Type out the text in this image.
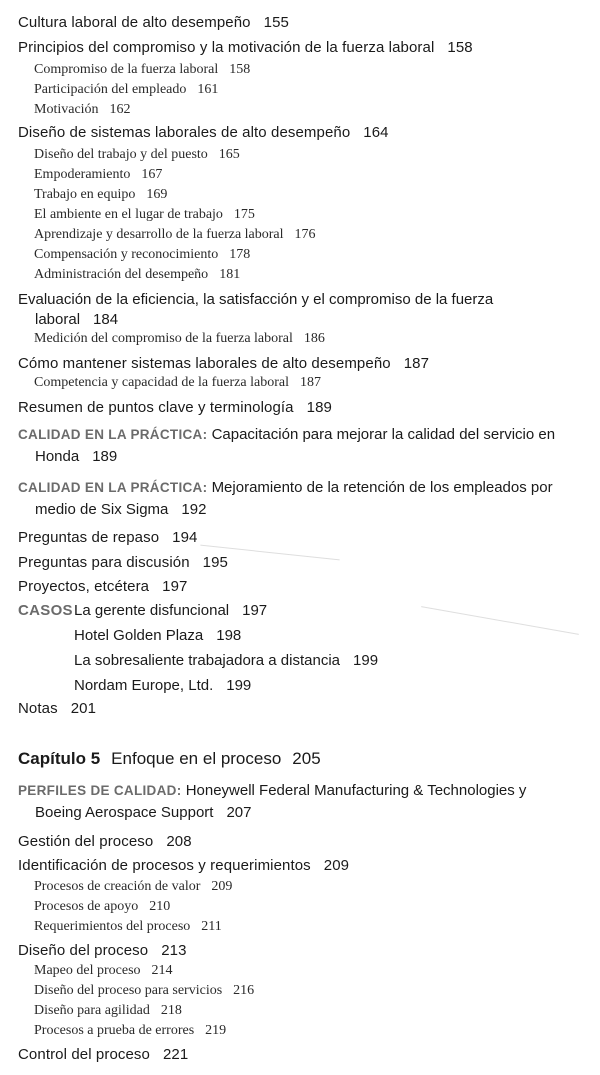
Cultura laboral de alto desempeño 155
Principios del compromiso y la motivación de la fuerza laboral 158
Compromiso de la fuerza laboral 158
Participación del empleado 161
Motivación 162
Diseño de sistemas laborales de alto desempeño 164
Diseño del trabajo y del puesto 165
Empoderamiento 167
Trabajo en equipo 169
El ambiente en el lugar de trabajo 175
Aprendizaje y desarrollo de la fuerza laboral 176
Compensación y reconocimiento 178
Administración del desempeño 181
Evaluación de la eficiencia, la satisfacción y el compromiso de la fuerza
laboral 184
Medición del compromiso de la fuerza laboral 186
Cómo mantener sistemas laborales de alto desempeño 187
Competencia y capacidad de la fuerza laboral 187
Resumen de puntos clave y terminología 189
CALIDAD EN LA PRÁCTICA: Capacitación para mejorar la calidad del servicio en
Honda 189
CALIDAD EN LA PRÁCTICA: Mejoramiento de la retención de los empleados por
medio de Six Sigma 192
Preguntas de repaso 194
Preguntas para discusión 195
Proyectos, etcétera 197
CASOS La gerente disfuncional 197
Hotel Golden Plaza 198
La sobresaliente trabajadora a distancia 199
Nordam Europe, Ltd. 199
Notas 201
Capítulo 5 Enfoque en el proceso 205
PERFILES DE CALIDAD: Honeywell Federal Manufacturing & Technologies y
Boeing Aerospace Support 207
Gestión del proceso 208
Identificación de procesos y requerimientos 209
Procesos de creación de valor 209
Procesos de apoyo 210
Requerimientos del proceso 211
Diseño del proceso 213
Mapeo del proceso 214
Diseño del proceso para servicios 216
Diseño para agilidad 218
Procesos a prueba de errores 219
Control del proceso 221
